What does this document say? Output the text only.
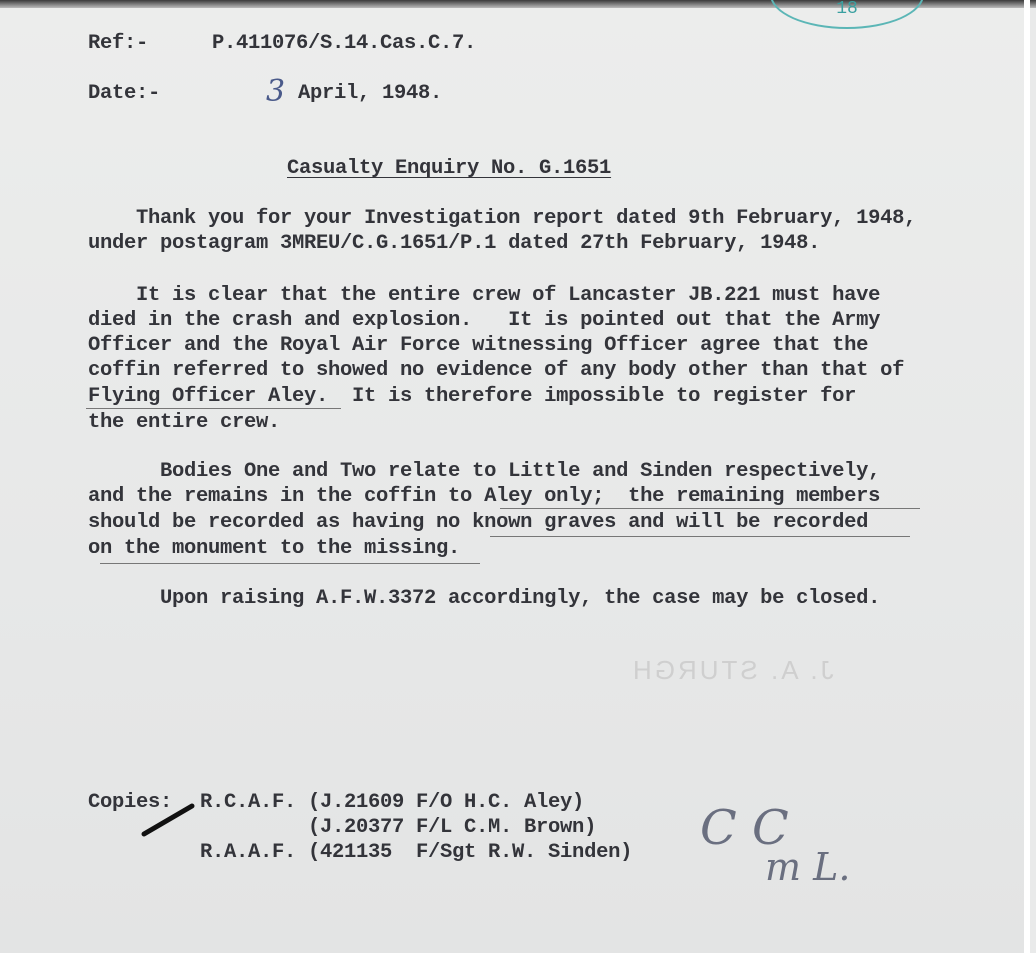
18
Ref:-	P.411076/S.14.Cas.C.7.
Date:-	3 April, 1948.
Casualty Enquiry No. G.1651
Thank you for your Investigation report dated 9th February, 1948,
under postagram 3MREU/C.G.1651/P.1 dated 27th February, 1948.
It is clear that the entire crew of Lancaster JB.221 must have
died in the crash and explosion.   It is pointed out that the Army
Officer and the Royal Air Force witnessing Officer agree that the
coffin referred to showed no evidence of any body other than that of
Flying Officer Aley.  It is therefore impossible to register for
the entire crew.
Bodies One and Two relate to Little and Sinden respectively,
and the remains in the coffin to Aley only;  the remaining members
should be recorded as having no known graves and will be recorded
on the monument to the missing.
Upon raising A.F.W.3372 accordingly, the case may be closed.
J. A. STURGH
Copies: R.C.A.F. (J.21609 F/O H.C. Aley)
(J.20377 F/L C.M. Brown)
R.A.A.F. (421135  F/Sgt R.W. Sinden) C C
m L.
